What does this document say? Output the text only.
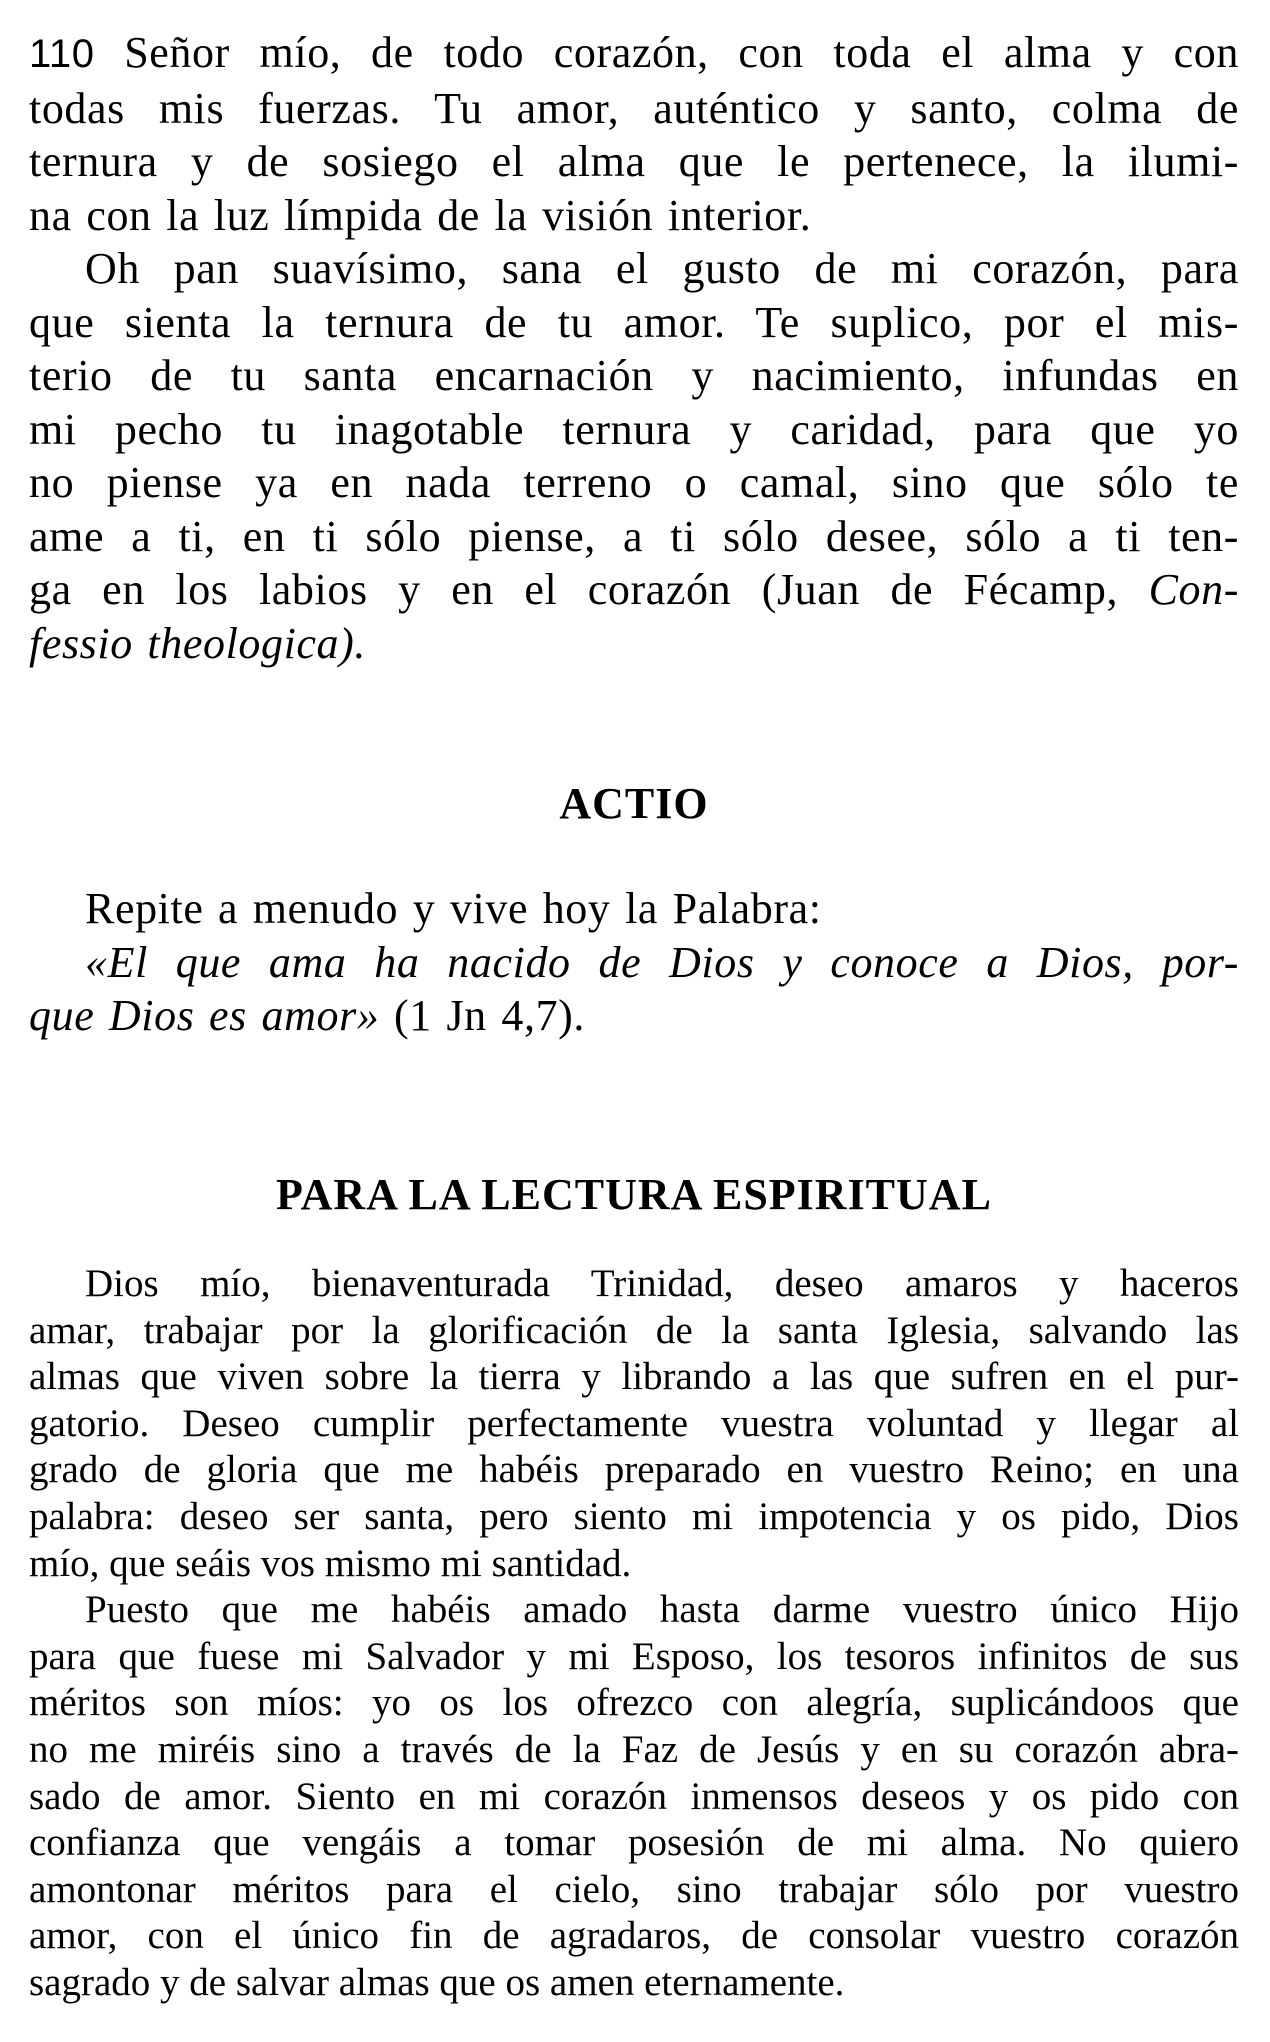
110 Señor mío, de todo corazón, con toda el alma y con
todas mis fuerzas. Tu amor, auténtico y santo, colma de
ternura y de sosiego el alma que le pertenece, la ilumi-
na con la luz límpida de la visión interior.
Oh pan suavísimo, sana el gusto de mi corazón, para
que sienta la ternura de tu amor. Te suplico, por el mis-
terio de tu santa encarnación y nacimiento, infundas en
mi pecho tu inagotable ternura y caridad, para que yo
no piense ya en nada terreno o camal, sino que sólo te
ame a ti, en ti sólo piense, a ti sólo desee, sólo a ti ten-
ga en los labios y en el corazón (Juan de Fécamp, Con-
fessio theologica).
ACTIO
Repite a menudo y vive hoy la Palabra:
«El que ama ha nacido de Dios y conoce a Dios, por-
que Dios es amor» (1 Jn 4,7).
PARA LA LECTURA ESPIRITUAL
Dios mío, bienaventurada Trinidad, deseo amaros y haceros
amar, trabajar por la glorificación de la santa Iglesia, salvando las
almas que viven sobre la tierra y librando a las que sufren en el pur-
gatorio. Deseo cumplir perfectamente vuestra voluntad y llegar al
grado de gloria que me habéis preparado en vuestro Reino; en una
palabra: deseo ser santa, pero siento mi impotencia y os pido, Dios
mío, que seáis vos mismo mi santidad.
Puesto que me habéis amado hasta darme vuestro único Hijo
para que fuese mi Salvador y mi Esposo, los tesoros infinitos de sus
méritos son míos: yo os los ofrezco con alegría, suplicándoos que
no me miréis sino a través de la Faz de Jesús y en su corazón abra-
sado de amor. Siento en mi corazón inmensos deseos y os pido con
confianza que vengáis a tomar posesión de mi alma. No quiero
amontonar méritos para el cielo, sino trabajar sólo por vuestro
amor, con el único fin de agradaros, de consolar vuestro corazón
sagrado y de salvar almas que os amen eternamente.
